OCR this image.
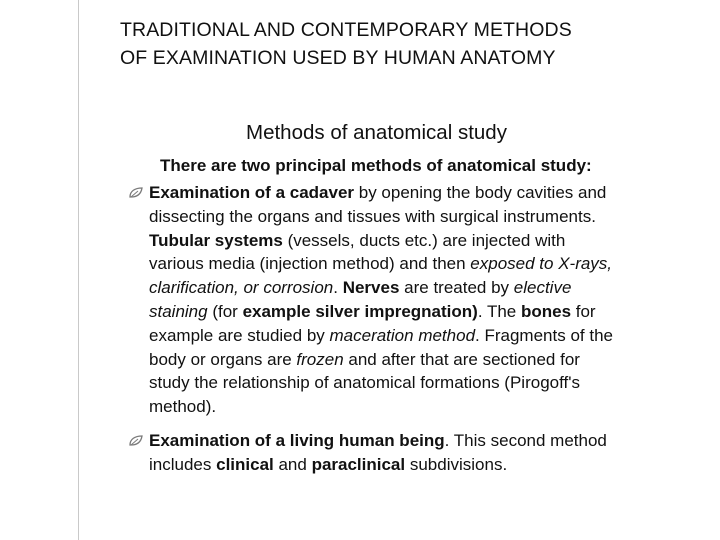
TRADITIONAL AND CONTEMPORARY METHODS
OF EXAMINATION USED BY HUMAN ANATOMY
Methods of anatomical study
There are two principal methods of anatomical study:
Examination of a cadaver by opening the body cavities and
dissecting the organs and tissues with surgical instruments.
Tubular systems (vessels, ducts etc.) are injected with
various media (injection method) and then exposed to X-rays,
clarification, or corrosion. Nerves are treated by elective
staining (for example silver impregnation). The bones for
example are studied by maceration method. Fragments of the
body or organs are frozen and after that are sectioned for
study the relationship of anatomical formations (Pirogoff's
method).
Examination of a living human being. This second method
includes clinical and paraclinical subdivisions.
